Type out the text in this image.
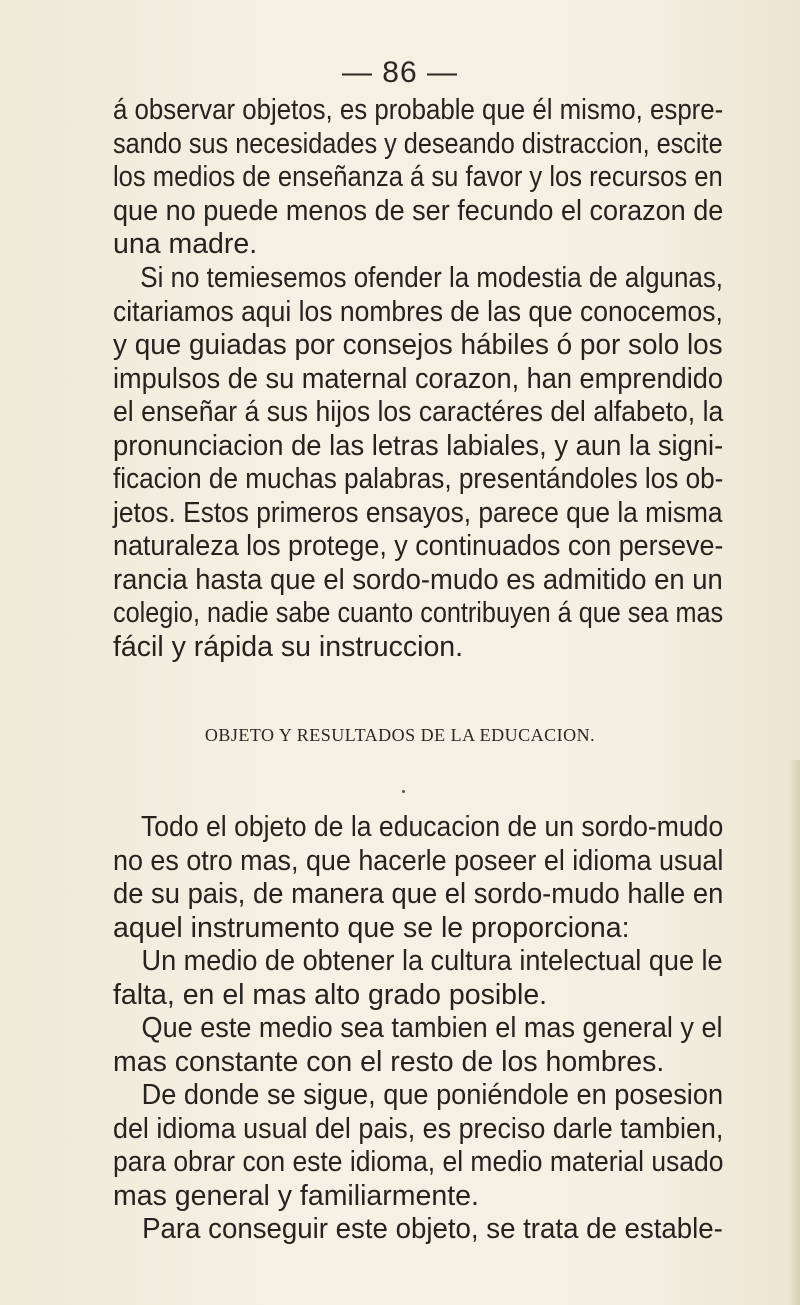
— 86 —
á observar objetos, es probable que él mismo, espre-
sando sus necesidades y deseando distraccion, escite
los medios de enseñanza á su favor y los recursos en
que no puede menos de ser fecundo el corazon de
una madre.
Si no temiesemos ofender la modestia de algunas,
citariamos aqui los nombres de las que conocemos,
y que guiadas por consejos hábiles ó por solo los
impulsos de su maternal corazon, han emprendido
el enseñar á sus hijos los caractéres del alfabeto, la
pronunciacion de las letras labiales, y aun la signi-
ficacion de muchas palabras, presentándoles los ob-
jetos. Estos primeros ensayos, parece que la misma
naturaleza los protege, y continuados con perseve-
rancia hasta que el sordo-mudo es admitido en un
colegio, nadie sabe cuanto contribuyen á que sea mas
fácil y rápida su instruccion.
OBJETO Y RESULTADOS DE LA EDUCACION.
Todo el objeto de la educacion de un sordo-mudo
no es otro mas, que hacerle poseer el idioma usual
de su pais, de manera que el sordo-mudo halle en
aquel instrumento que se le proporciona:
Un medio de obtener la cultura intelectual que le
falta, en el mas alto grado posible.
Que este medio sea tambien el mas general y el
mas constante con el resto de los hombres.
De donde se sigue, que poniéndole en posesion
del idioma usual del pais, es preciso darle tambien,
para obrar con este idioma, el medio material usado
mas general y familiarmente.
Para conseguir este objeto, se trata de estable-
